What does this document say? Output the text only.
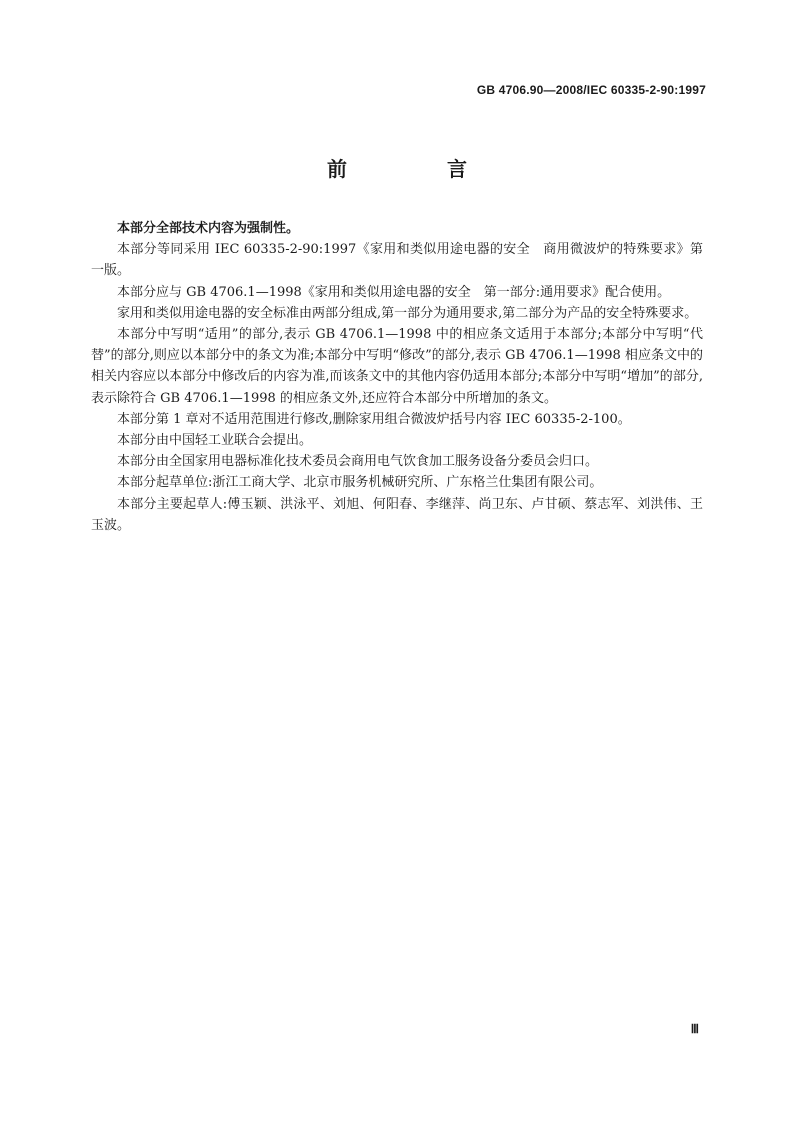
GB 4706.90—2008/IEC 60335-2-90:1997
前　言

本部分全部技术内容为强制性。

本部分等同采用 IEC 60335-2-90:1997《家用和类似用途电器的安全　商用微波炉的特殊要求》第一版。

本部分应与 GB 4706.1—1998《家用和类似用途电器的安全　第一部分:通用要求》配合使用。

家用和类似用途电器的安全标准由两部分组成,第一部分为通用要求,第二部分为产品的安全特殊要求。

本部分中写明“适用”的部分,表示 GB 4706.1—1998 中的相应条文适用于本部分;本部分中写明“代替”的部分,则应以本部分中的条文为准;本部分中写明“修改”的部分,表示 GB 4706.1—1998 相应条文中的相关内容应以本部分中修改后的内容为准,而该条文中的其他内容仍适用本部分;本部分中写明“增加”的部分,表示除符合 GB 4706.1—1998 的相应条文外,还应符合本部分中所增加的条文。

本部分第 1 章对不适用范围进行修改,删除家用组合微波炉括号内容 IEC 60335-2-100。

本部分由中国轻工业联合会提出。

本部分由全国家用电器标准化技术委员会商用电气饮食加工服务设备分委员会归口。

本部分起草单位:浙江工商大学、北京市服务机械研究所、广东格兰仕集团有限公司。

本部分主要起草人:傅玉颖、洪泳平、刘旭、何阳春、李继萍、尚卫东、卢甘硕、蔡志军、刘洪伟、王玉波。

Ⅲ
